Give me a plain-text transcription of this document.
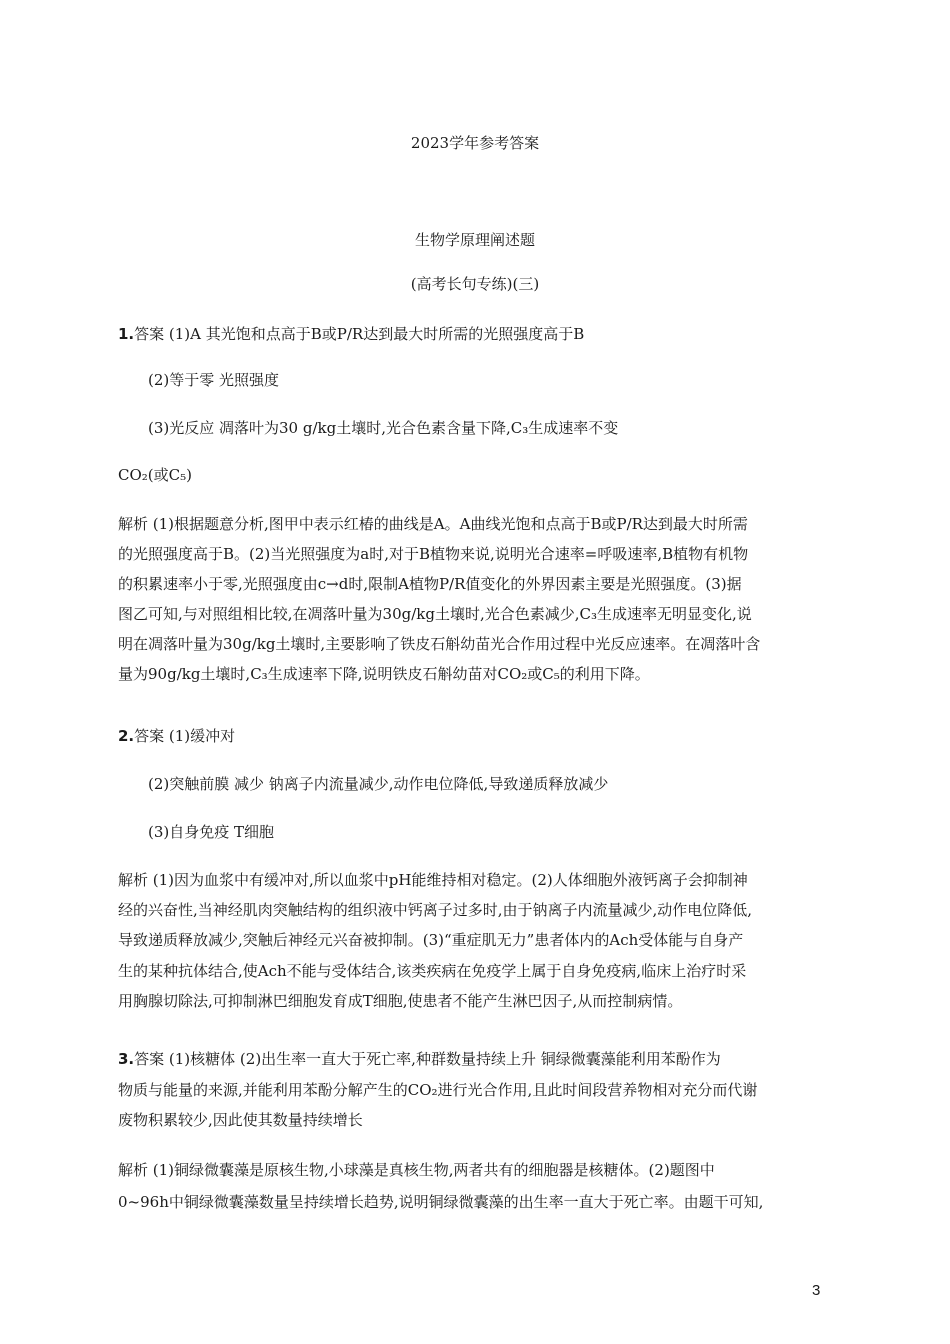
2023学年参考答案
生物学原理阐述题
(高考长句专练)(三)
1.答案 (1)A 其光饱和点高于B或P/R达到最大时所需的光照强度高于B
(2)等于零 光照强度
(3)光反应 凋落叶为30 g/kg土壤时,光合色素含量下降,C₃生成速率不变
CO₂(或C₅)
解析 (1)根据题意分析,图甲中表示红椿的曲线是A。A曲线光饱和点高于B或P/R达到最大时所需
的光照强度高于B。(2)当光照强度为a时,对于B植物来说,说明光合速率=呼吸速率,B植物有机物
的积累速率小于零,光照强度由c→d时,限制A植物P/R值变化的外界因素主要是光照强度。(3)据
图乙可知,与对照组相比较,在凋落叶量为30g/kg土壤时,光合色素减少,C₃生成速率无明显变化,说
明在凋落叶量为30g/kg土壤时,主要影响了铁皮石斛幼苗光合作用过程中光反应速率。在凋落叶含
量为90g/kg土壤时,C₃生成速率下降,说明铁皮石斛幼苗对CO₂或C₅的利用下降。
2.答案 (1)缓冲对
(2)突触前膜 减少 钠离子内流量减少,动作电位降低,导致递质释放减少
(3)自身免疫 T细胞
解析 (1)因为血浆中有缓冲对,所以血浆中pH能维持相对稳定。(2)人体细胞外液钙离子会抑制神
经的兴奋性,当神经肌肉突触结构的组织液中钙离子过多时,由于钠离子内流量减少,动作电位降低,
导致递质释放减少,突触后神经元兴奋被抑制。(3)“重症肌无力”患者体内的Ach受体能与自身产
生的某种抗体结合,使Ach不能与受体结合,该类疾病在免疫学上属于自身免疫病,临床上治疗时采
用胸腺切除法,可抑制淋巴细胞发育成T细胞,使患者不能产生淋巴因子,从而控制病情。
3.答案 (1)核糖体 (2)出生率一直大于死亡率,种群数量持续上升 铜绿微囊藻能利用苯酚作为
物质与能量的来源,并能利用苯酚分解产生的CO₂进行光合作用,且此时间段营养物相对充分而代谢
废物积累较少,因此使其数量持续增长
解析 (1)铜绿微囊藻是原核生物,小球藻是真核生物,两者共有的细胞器是核糖体。(2)题图中
0~96h中铜绿微囊藻数量呈持续增长趋势,说明铜绿微囊藻的出生率一直大于死亡率。由题干可知,
3
